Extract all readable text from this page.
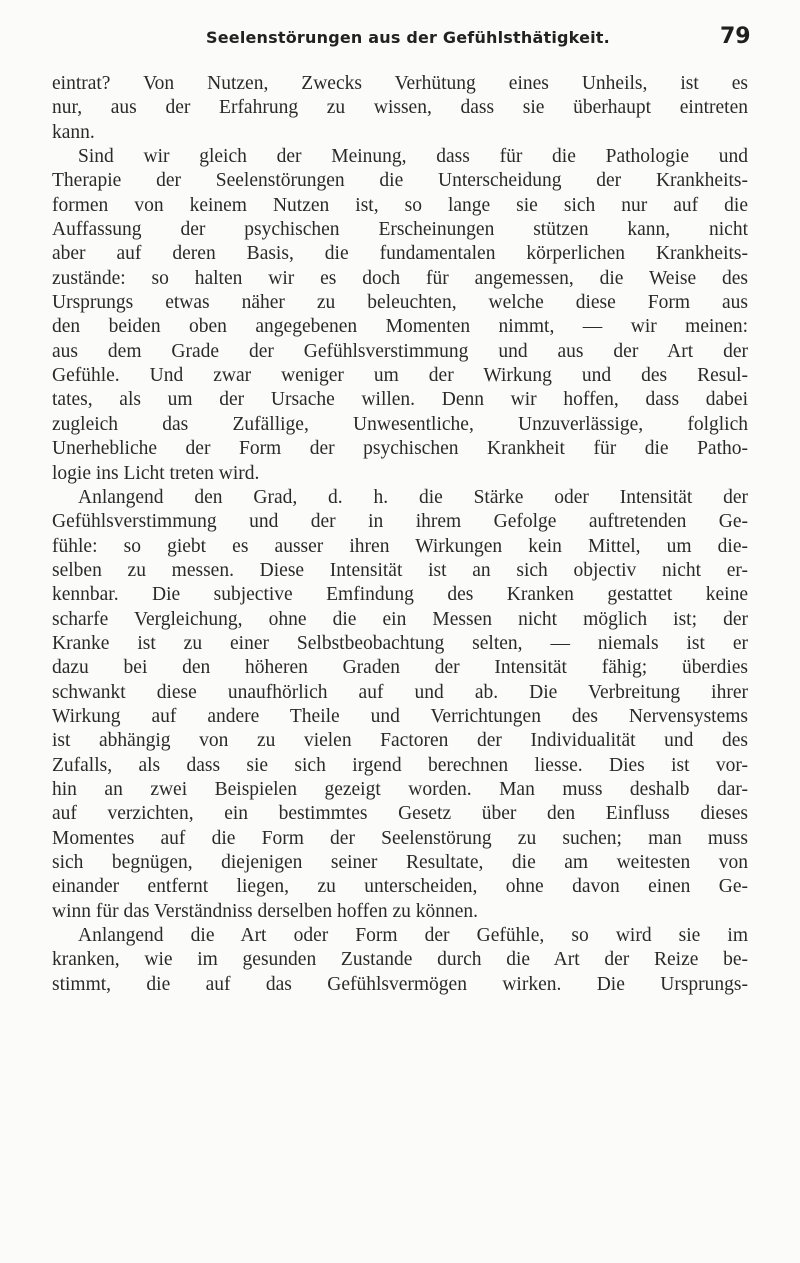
Seelenstörungen aus der Gefühlsthätigkeit.	79
eintrat? Von Nutzen, Zwecks Verhütung eines Unheils, ist es
nur, aus der Erfahrung zu wissen, dass sie überhaupt eintreten
kann.
Sind wir gleich der Meinung, dass für die Pathologie und
Therapie der Seelenstörungen die Unterscheidung der Krankheits-
formen von keinem Nutzen ist, so lange sie sich nur auf die
Auffassung der psychischen Erscheinungen stützen kann, nicht
aber auf deren Basis, die fundamentalen körperlichen Krankheits-
zustände: so halten wir es doch für angemessen, die Weise des
Ursprungs etwas näher zu beleuchten, welche diese Form aus
den beiden oben angegebenen Momenten nimmt, — wir meinen:
aus dem Grade der Gefühlsverstimmung und aus der Art der
Gefühle. Und zwar weniger um der Wirkung und des Resul-
tates, als um der Ursache willen. Denn wir hoffen, dass dabei
zugleich das Zufällige, Unwesentliche, Unzuverlässige, folglich
Unerhebliche der Form der psychischen Krankheit für die Patho-
logie ins Licht treten wird.
Anlangend den Grad, d. h. die Stärke oder Intensität der
Gefühlsverstimmung und der in ihrem Gefolge auftretenden Ge-
fühle: so giebt es ausser ihren Wirkungen kein Mittel, um die-
selben zu messen. Diese Intensität ist an sich objectiv nicht er-
kennbar. Die subjective Emfindung des Kranken gestattet keine
scharfe Vergleichung, ohne die ein Messen nicht möglich ist; der
Kranke ist zu einer Selbstbeobachtung selten, — niemals ist er
dazu bei den höheren Graden der Intensität fähig; überdies
schwankt diese unaufhörlich auf und ab. Die Verbreitung ihrer
Wirkung auf andere Theile und Verrichtungen des Nervensystems
ist abhängig von zu vielen Factoren der Individualität und des
Zufalls, als dass sie sich irgend berechnen liesse. Dies ist vor-
hin an zwei Beispielen gezeigt worden. Man muss deshalb dar-
auf verzichten, ein bestimmtes Gesetz über den Einfluss dieses
Momentes auf die Form der Seelenstörung zu suchen; man muss
sich begnügen, diejenigen seiner Resultate, die am weitesten von
einander entfernt liegen, zu unterscheiden, ohne davon einen Ge-
winn für das Verständniss derselben hoffen zu können.
Anlangend die Art oder Form der Gefühle, so wird sie im
kranken, wie im gesunden Zustande durch die Art der Reize be-
stimmt, die auf das Gefühlsvermögen wirken. Die Ursprungs-
